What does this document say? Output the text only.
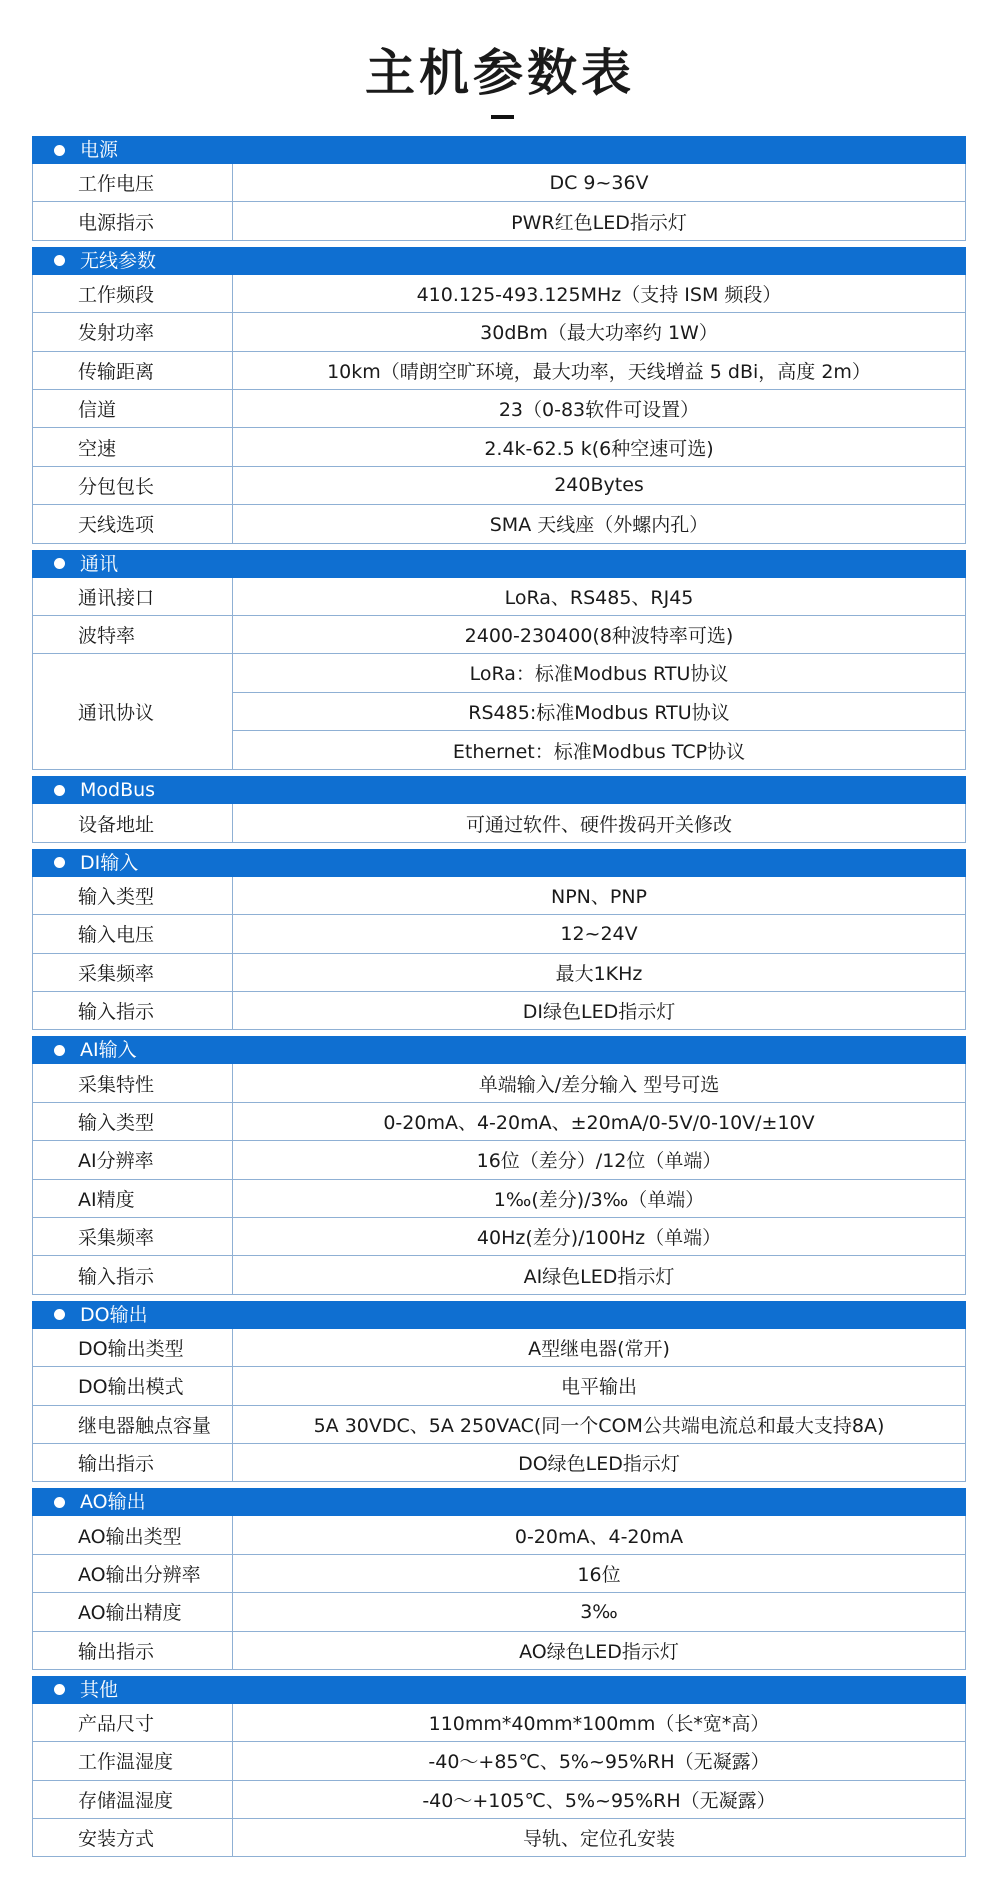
主机参数表
电源
工作电压	DC 9~36V
电源指示	PWR红色LED指示灯
无线参数
工作频段	410.125-493.125MHz（支持 ISM 频段）
发射功率	30dBm（最大功率约 1W）
传输距离	10km（晴朗空旷环境，最大功率，天线增益 5 dBi，高度 2m）
信道	23（0-83软件可设置）
空速	2.4k-62.5 k(6种空速可选)
分包包长	240Bytes
天线选项	SMA 天线座（外螺内孔）
通讯
通讯接口	LoRa、RS485、RJ45
波特率	2400-230400(8种波特率可选)
通讯协议
LoRa：标准Modbus RTU协议
RS485:标准Modbus RTU协议
Ethernet：标准Modbus TCP协议
ModBus
设备地址	可通过软件、硬件拨码开关修改
DI输入
输入类型	NPN、PNP
输入电压	12~24V
采集频率	最大1KHz
输入指示	DI绿色LED指示灯
AI输入
采集特性	单端输入/差分输入 型号可选
输入类型	0-20mA、4-20mA、±20mA/0-5V/0-10V/±10V
AI分辨率	16位（差分）/12位（单端）
AI精度	1‰(差分)/3‰（单端）
采集频率	40Hz(差分)/100Hz（单端）
输入指示	AI绿色LED指示灯
DO输出
DO输出类型	A型继电器(常开)
DO输出模式	电平输出
继电器触点容量	5A 30VDC、5A 250VAC(同一个COM公共端电流总和最大支持8A)
输出指示	DO绿色LED指示灯
AO输出
AO输出类型	0-20mA、4-20mA
AO输出分辨率	16位
AO输出精度	3‰
输出指示	AO绿色LED指示灯
其他
产品尺寸	110mm*40mm*100mm（长*宽*高）
工作温湿度	-40～+85℃、5%~95%RH（无凝露）
存储温湿度	-40～+105℃、5%~95%RH（无凝露）
安装方式	导轨、定位孔安装
